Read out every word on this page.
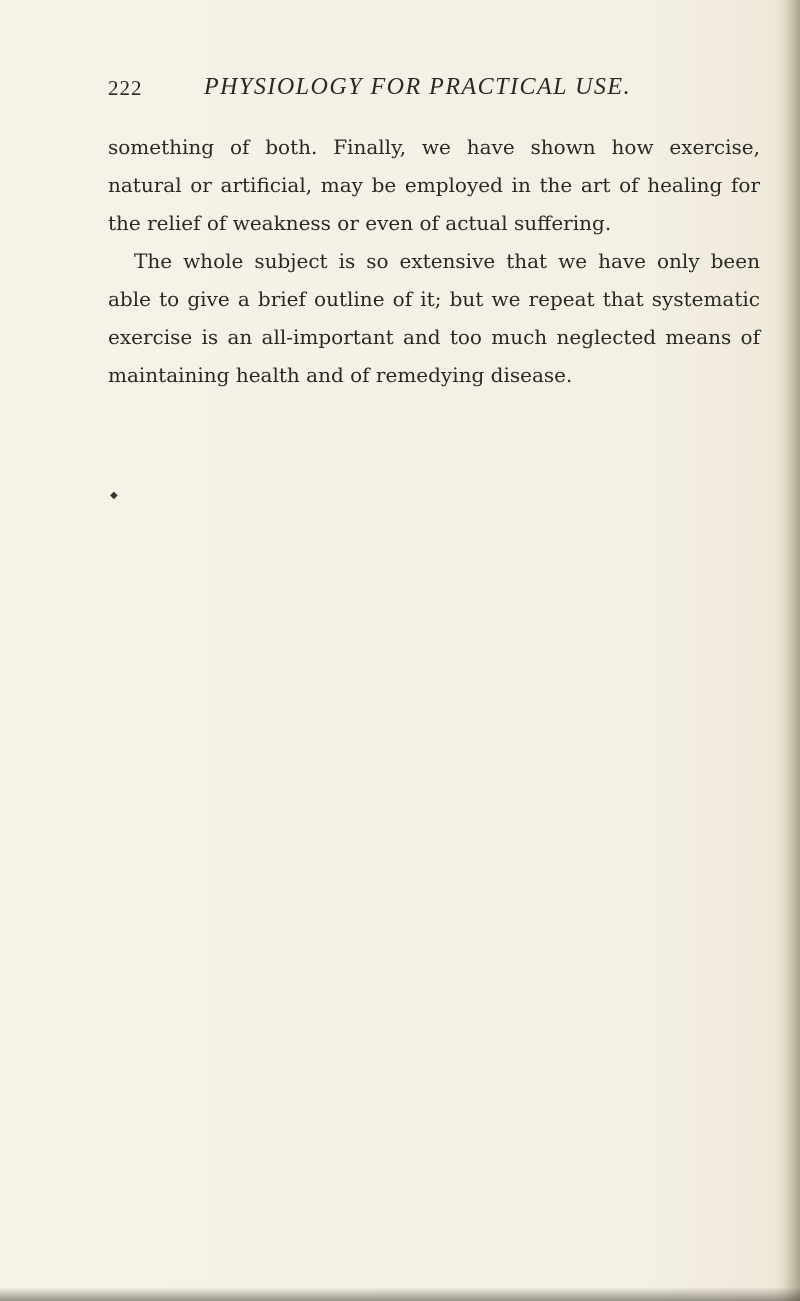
222	PHYSIOLOGY FOR PRACTICAL USE.

something of both. Finally, we have shown how exercise, natural or artificial, may be employed in the art of healing for the relief of weakness or even of actual suffering.

The whole subject is so extensive that we have only been able to give a brief outline of it; but we repeat that systematic exercise is an all-important and too much neglected means of maintaining health and of remedying disease.

◆
